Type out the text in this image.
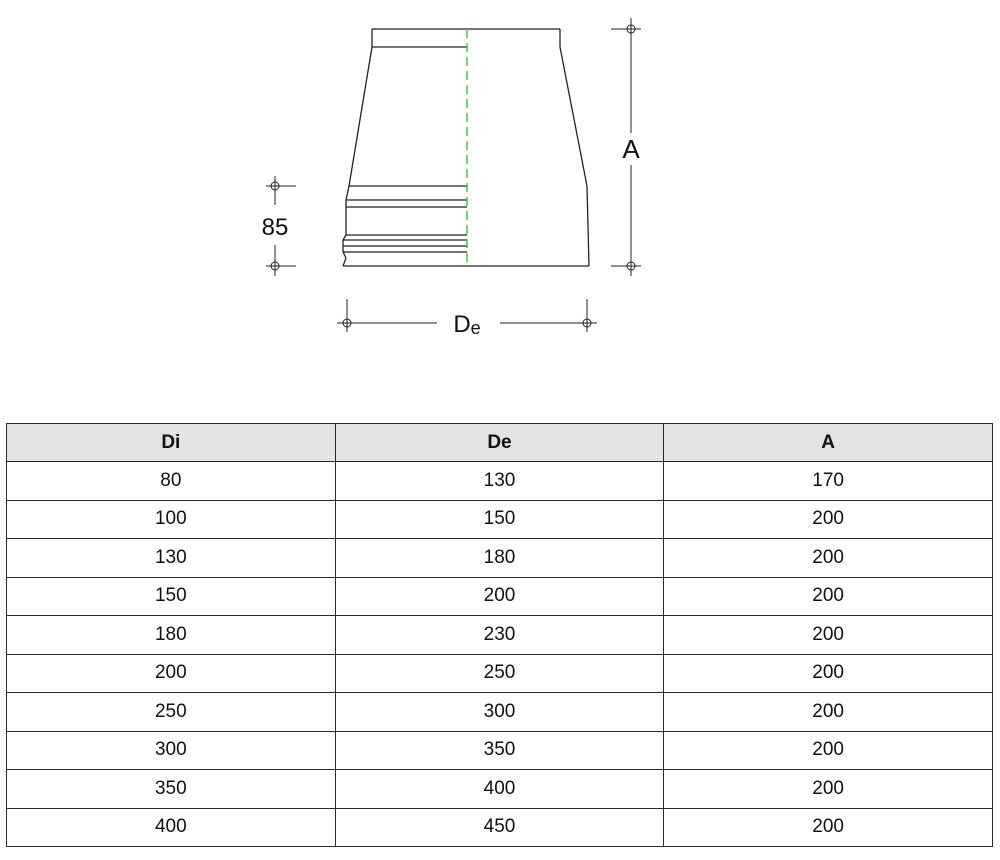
A
85
De
Di	De	A
80	130	170
100	150	200
130	180	200
150	200	200
180	230	200
200	250	200
250	300	200
300	350	200
350	400	200
400	450	200
